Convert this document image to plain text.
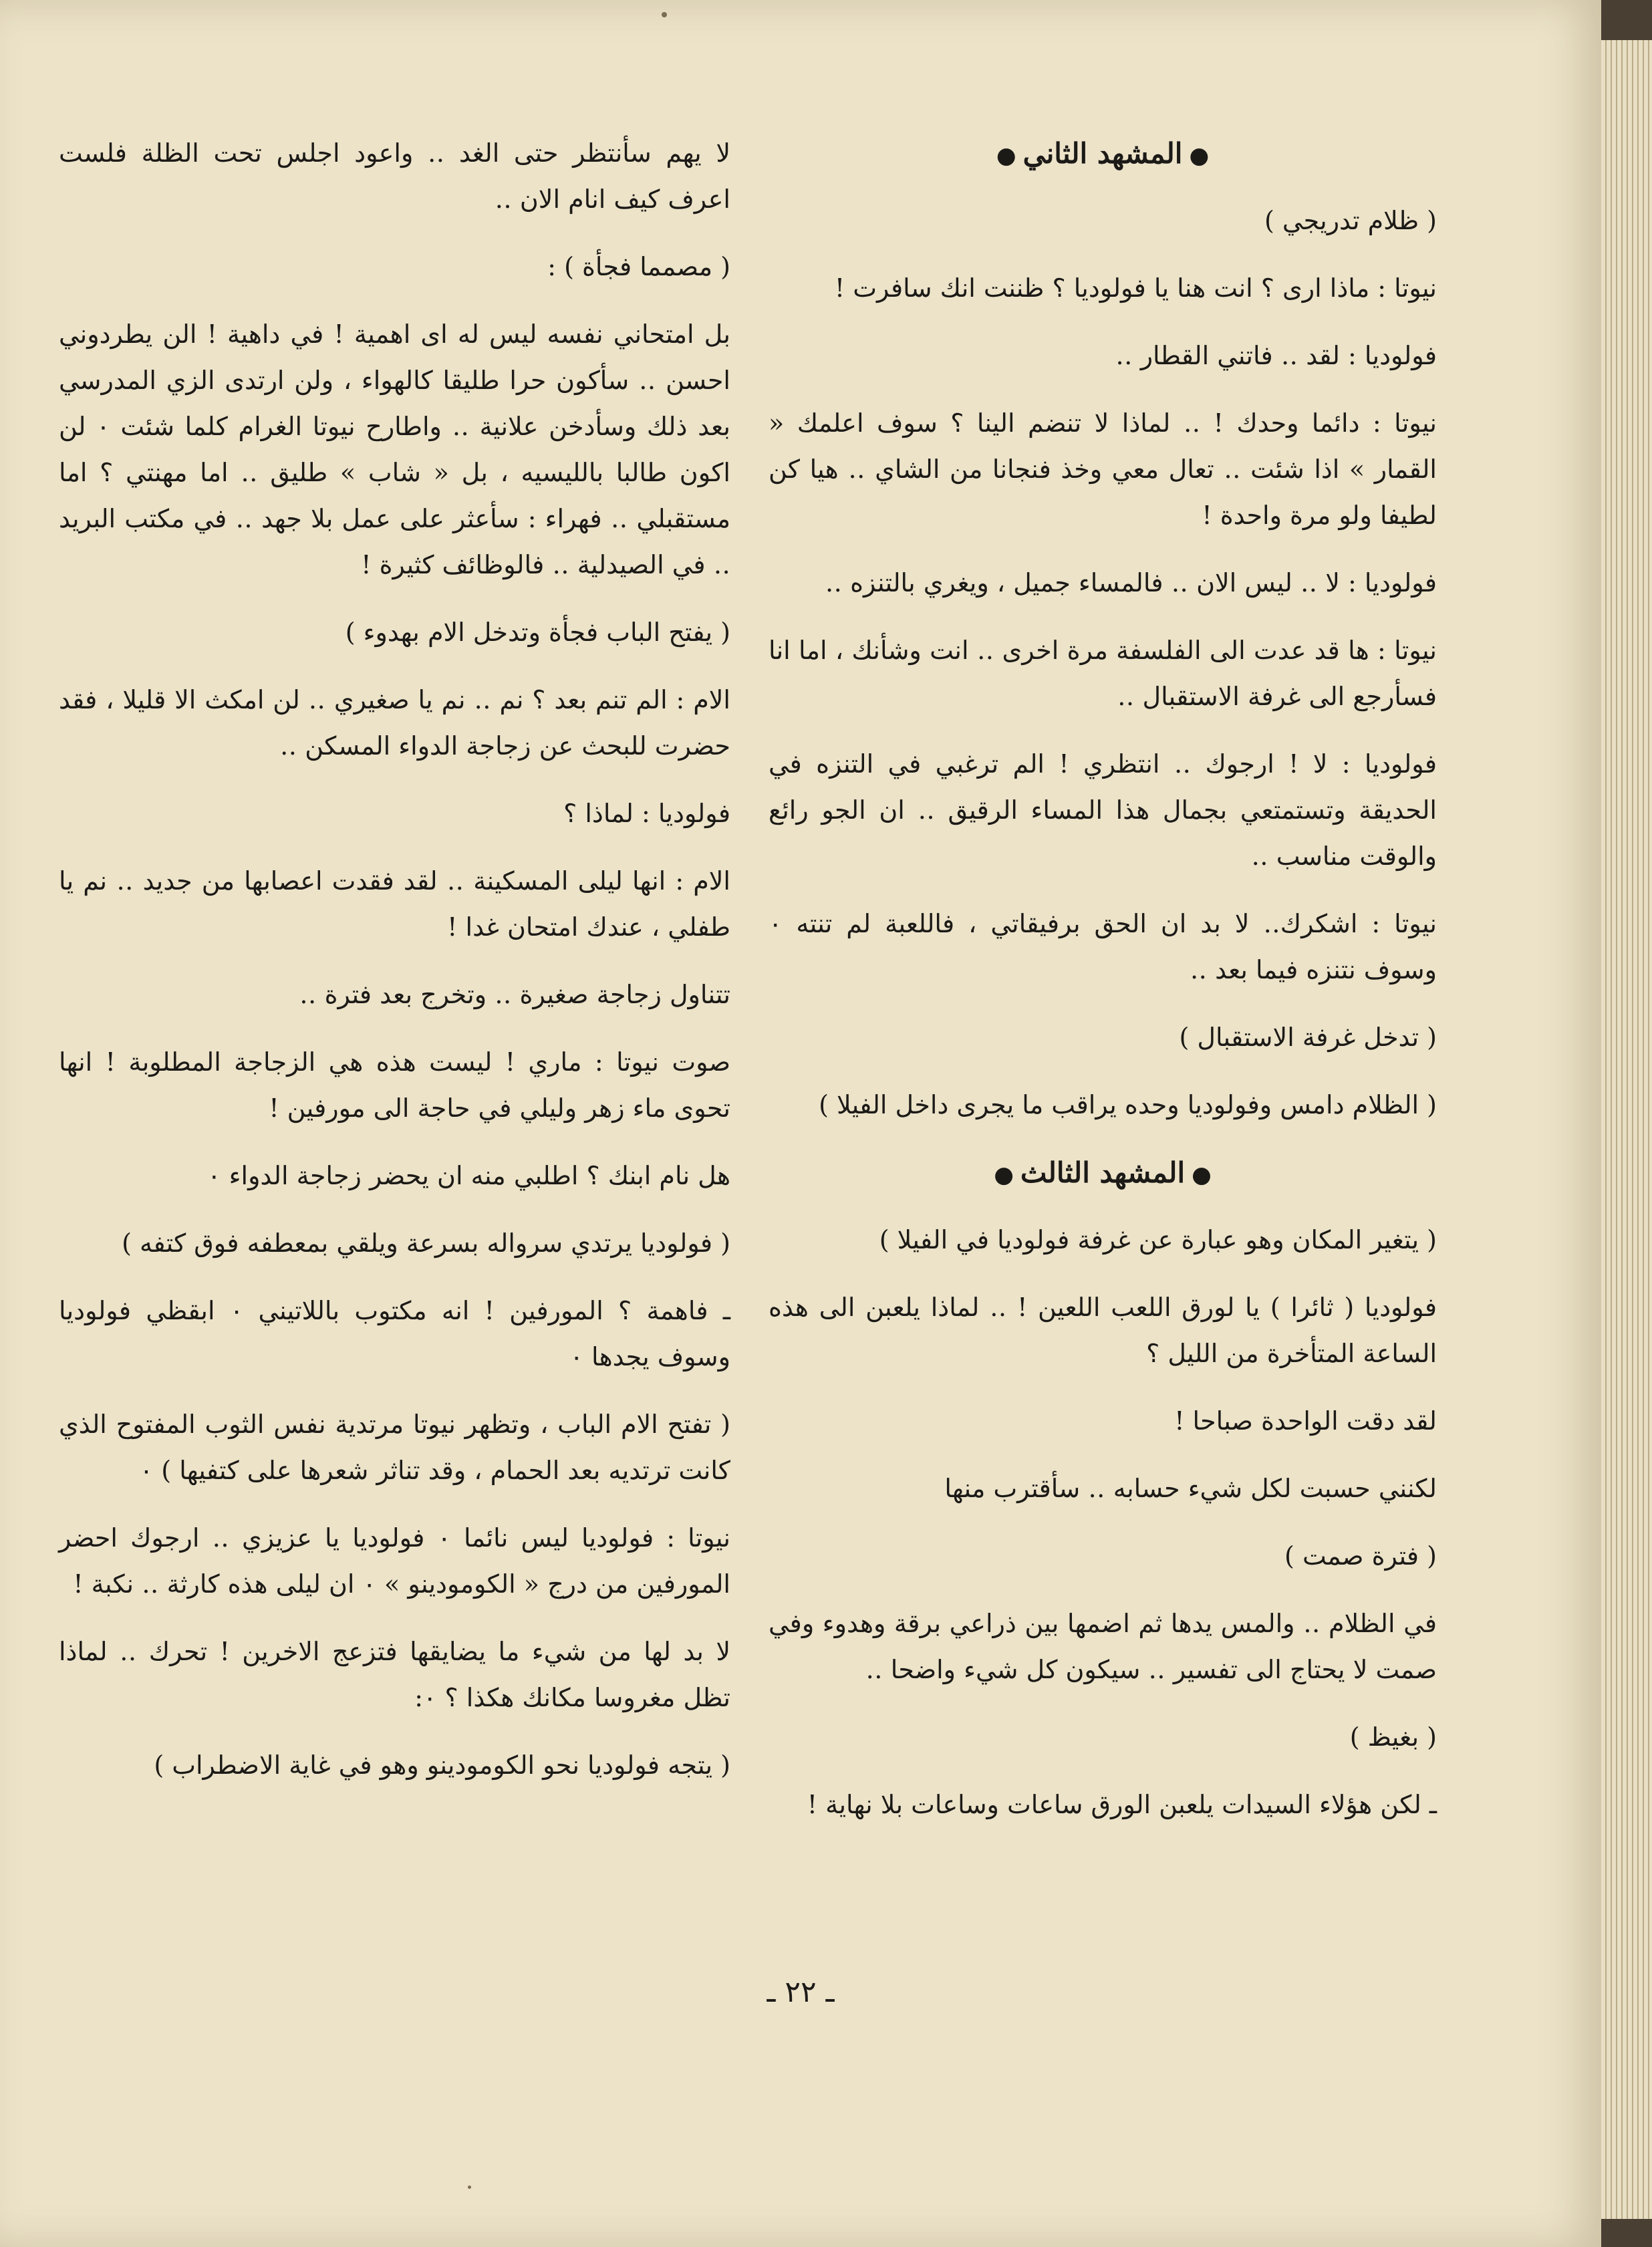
●المشهد الثاني●

( ظلام تدريجي )

نيوتا : ماذا ارى ؟ انت هنا يا فولوديا ؟ ظننت انك سافرت !

فولوديا : لقد ‥ فاتني القطار ‥

نيوتا : دائما وحدك ! ‥ لماذا لا تنضم الينا ؟ سوف اعلمك « القمار » اذا شئت ‥ تعال معي وخذ فنجانا من الشاي ‥ هيا كن لطيفا ولو مرة واحدة !

فولوديا : لا ‥ ليس الان ‥ فالمساء جميل ، ويغري بالتنزه ‥

نيوتا : ها قد عدت الى الفلسفة مرة اخرى ‥ انت وشأنك ، اما انا فسأرجع الى غرفة الاستقبال ‥

فولوديا : لا ! ارجوك ‥ انتظري ! الم ترغبي في التنزه في الحديقة وتستمتعي بجمال هذا المساء الرقيق ‥ ان الجو رائع والوقت مناسب ‥

نيوتا : اشكرك‥ لا بد ان الحق برفيقاتي ، فاللعبة لم تنته ٠ وسوف نتنزه فيما بعد ‥

( تدخل غرفة الاستقبال )

( الظلام دامس وفولوديا وحده يراقب ما يجرى داخل الفيلا )

●المشهد الثالث●

( يتغير المكان وهو عبارة عن غرفة فولوديا في الفيلا )

فولوديا ( ثائرا ) يا لورق اللعب اللعين ! ‥ لماذا يلعبن الى هذه الساعة المتأخرة من الليل ؟

لقد دقت الواحدة صباحا !

لكنني حسبت لكل شيء حسابه ‥ سأقترب منها

( فترة صمت )

في الظلام ‥ والمس يدها ثم اضمها بين ذراعي برقة وهدوء وفي صمت لا يحتاج الى تفسير ‥ سيكون كل شيء واضحا ‥

( بغيظ )

ـ لكن هؤلاء السيدات يلعبن الورق ساعات وساعات بلا نهاية !

لا يهم سأنتظر حتى الغد ‥ واعود اجلس تحت الظلة فلست اعرف كيف انام الان ‥

( مصمما فجأة ) :

بل امتحاني نفسه ليس له اى اهمية ! في داهية ! الن يطردوني احسن ‥ سأكون حرا طليقا كالهواء ، ولن ارتدى الزي المدرسي بعد ذلك وسأدخن علانية ‥ واطارح نيوتا الغرام كلما شئت ٠ لن اكون طالبا بالليسيه ، بل « شاب » طليق ‥ اما مهنتي ؟ اما مستقبلي ‥ فهراء : سأعثر على عمل بلا جهد ‥ في مكتب البريد ‥ في الصيدلية ‥ فالوظائف كثيرة !

( يفتح الباب فجأة وتدخل الام بهدوء )

الام : الم تنم بعد ؟ نم ‥ نم يا صغيري ‥ لن امكث الا قليلا ، فقد حضرت للبحث عن زجاجة الدواء المسكن ‥

فولوديا : لماذا ؟

الام : انها ليلى المسكينة ‥ لقد فقدت اعصابها من جديد ‥ نم يا طفلي ، عندك امتحان غدا !

تتناول زجاجة صغيرة ‥ وتخرج بعد فترة ‥

صوت نيوتا : ماري ! ليست هذه هي الزجاجة المطلوبة ! انها تحوى ماء زهر وليلي في حاجة الى مورفين !

هل نام ابنك ؟ اطلبي منه ان يحضر زجاجة الدواء ٠

( فولوديا يرتدي سرواله بسرعة ويلقي بمعطفه فوق كتفه )

ـ فاهمة ؟ المورفين ! انه مكتوب باللاتيني ٠ ابقظي فولوديا وسوف يجدها ٠

( تفتح الام الباب ، وتظهر نيوتا مرتدية نفس الثوب المفتوح الذي كانت ترتديه بعد الحمام ، وقد تناثر شعرها على كتفيها ) ٠

نيوتا : فولوديا ليس نائما ٠ فولوديا يا عزيزي ‥ ارجوك احضر المورفين من درج « الكومودينو » ٠ ان ليلى هذه كارثة ‥ نكبة !

لا بد لها من شيء ما يضايقها فتزعج الاخرين ! تحرك ‥ لماذا تظل مغروسا مكانك هكذا ؟ ٠:

( يتجه فولوديا نحو الكومودينو وهو في غاية الاضطراب )

ـ ٢٢ ـ
